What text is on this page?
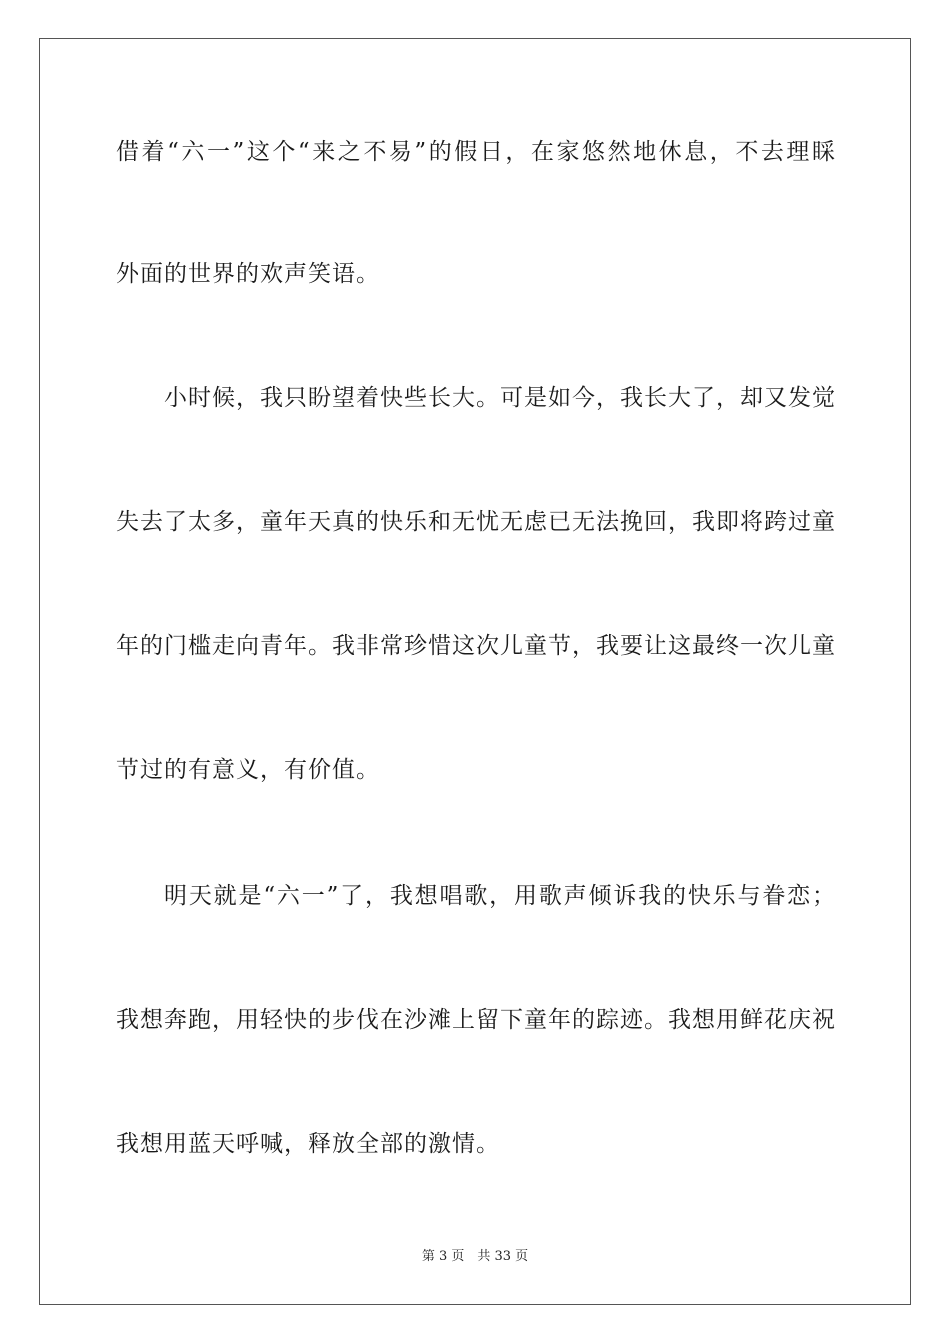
借着“六一”这个“来之不易”的假日，在家悠然地休息，不去理睬
外面的世界的欢声笑语。
小时候，我只盼望着快些长大。可是如今，我长大了，却又发觉
失去了太多，童年天真的快乐和无忧无虑已无法挽回，我即将跨过童
年的门槛走向青年。我非常珍惜这次儿童节，我要让这最终一次儿童
节过的有意义，有价值。
明天就是“六一”了，我想唱歌，用歌声倾诉我的快乐与眷恋；
我想奔跑，用轻快的步伐在沙滩上留下童年的踪迹。我想用鲜花庆祝
我想用蓝天呼喊，释放全部的激情。
第 3 页　共 33 页
